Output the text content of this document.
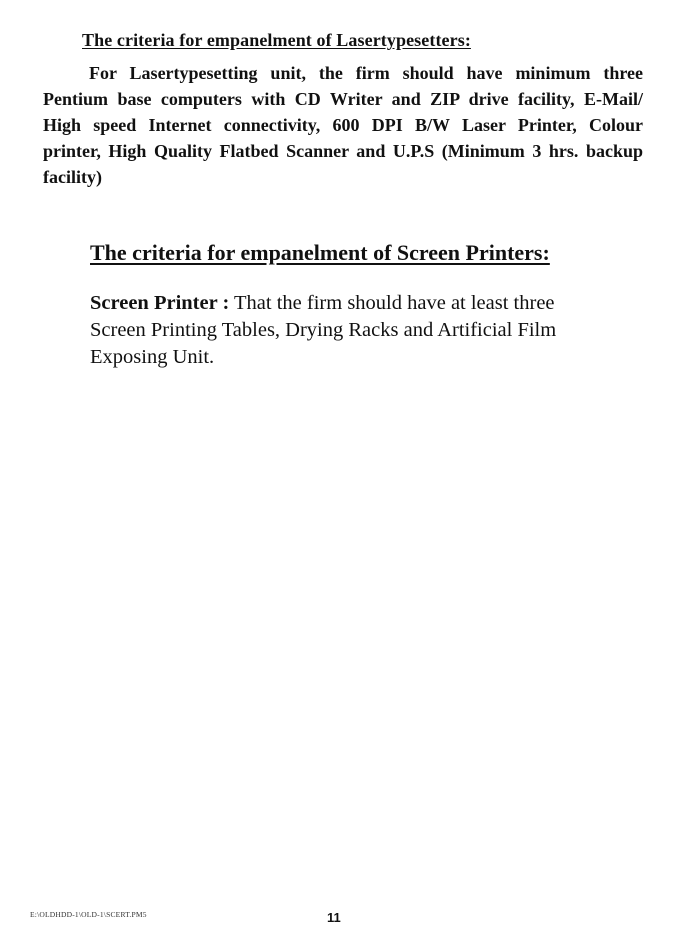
The criteria for empanelment of Lasertypesetters:
For Lasertypesetting unit, the firm should have minimum three
Pentium base computers with CD Writer and ZIP drive facility, E-Mail/
High speed Internet connectivity, 600 DPI B/W Laser Printer, Colour
printer, High Quality Flatbed Scanner and U.P.S (Minimum 3 hrs. backup
facility)
The criteria for empanelment of Screen Printers:
Screen Printer : That the firm should have at least three
Screen Printing Tables, Drying Racks and Artificial Film
Exposing Unit.
E:\OLDHDD-1\OLD-1\SCERT.PM5	11
